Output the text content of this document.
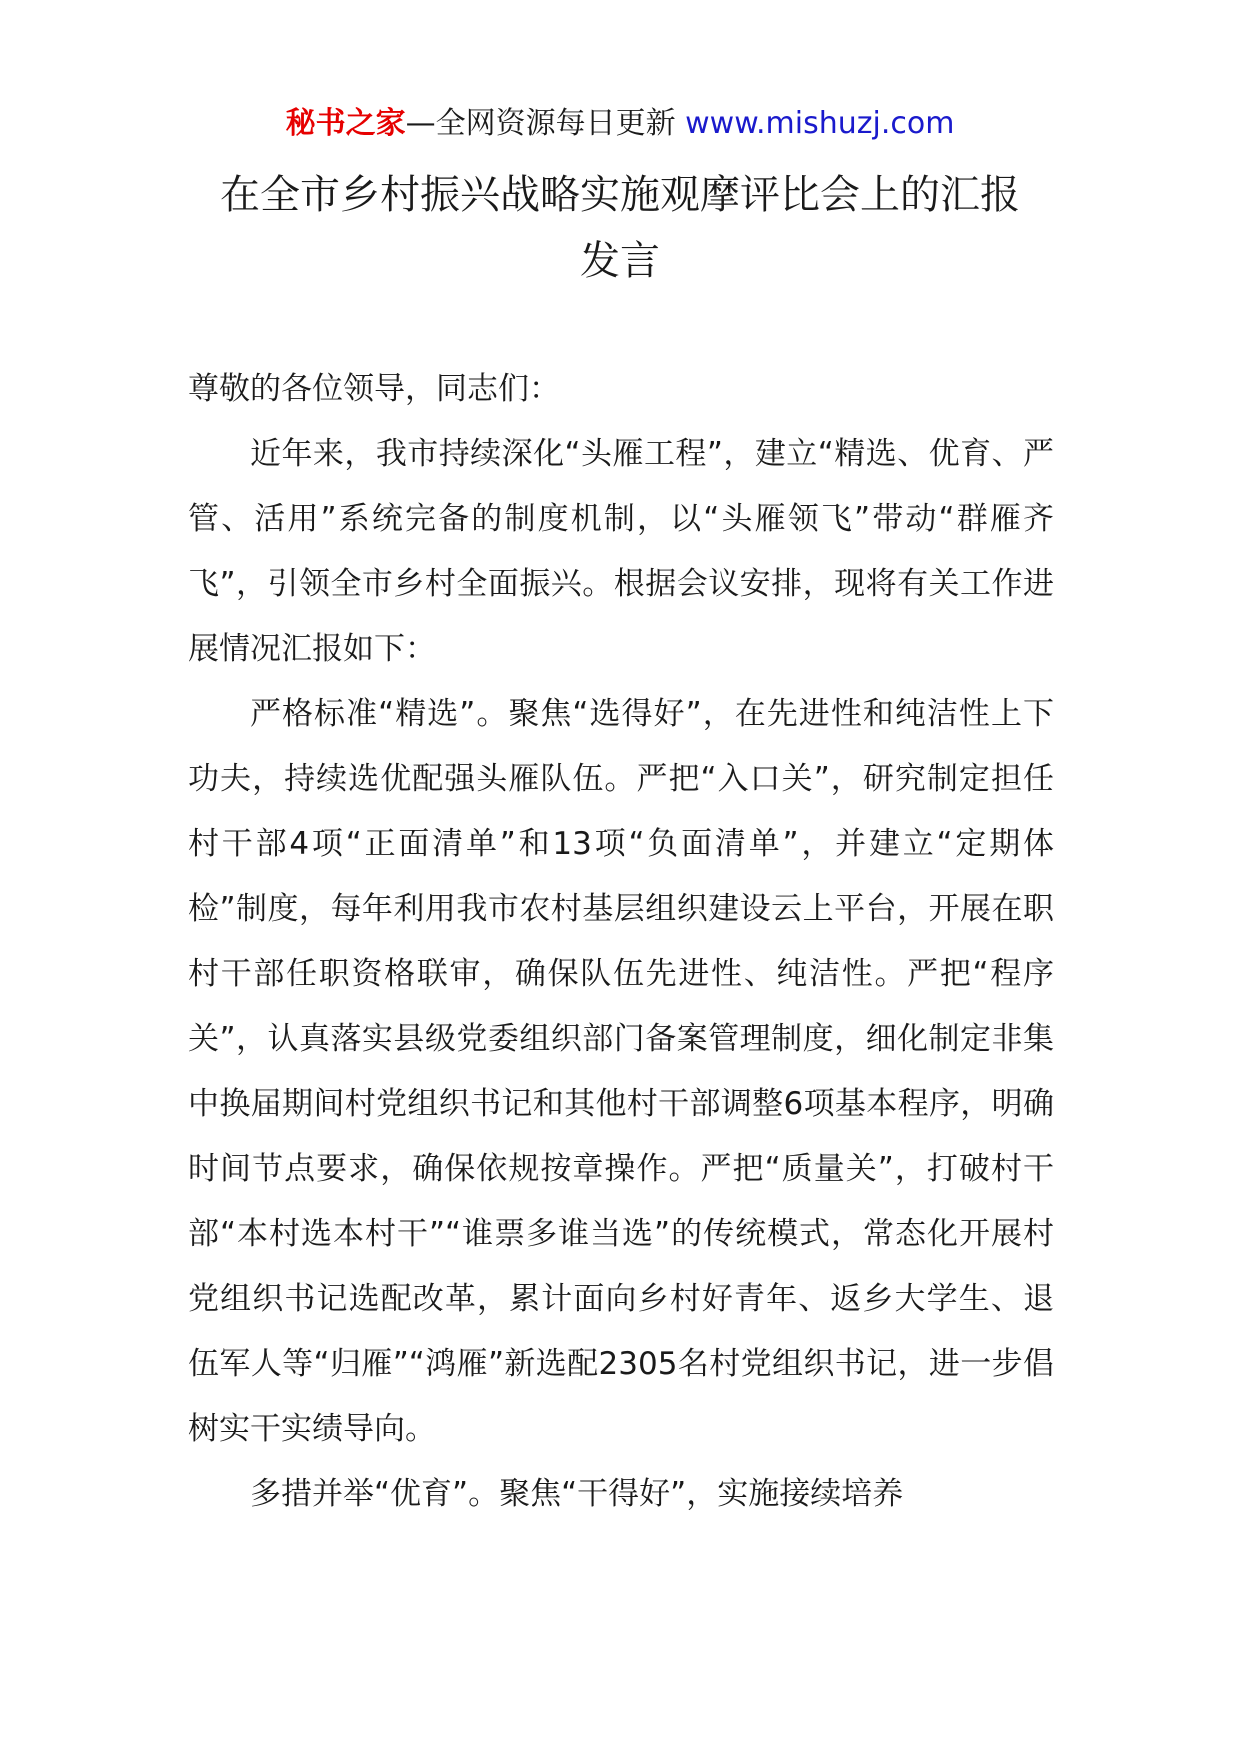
秘书之家—全网资源每日更新 www.mishuzj.com
在全市乡村振兴战略实施观摩评比会上的汇报
发言

尊敬的各位领导，同志们：

近年来，我市持续深化“头雁工程”，建立“精选、优育、严管、活用”系统完备的制度机制，以“头雁领飞”带动“群雁齐飞”，引领全市乡村全面振兴。根据会议安排，现将有关工作进展情况汇报如下：

严格标准“精选”。聚焦“选得好”，在先进性和纯洁性上下功夫，持续选优配强头雁队伍。严把“入口关”，研究制定担任村干部4项“正面清单”和13项“负面清单”，并建立“定期体检”制度，每年利用我市农村基层组织建设云上平台，开展在职村干部任职资格联审，确保队伍先进性、纯洁性。严把“程序关”，认真落实县级党委组织部门备案管理制度，细化制定非集中换届期间村党组织书记和其他村干部调整6项基本程序，明确时间节点要求，确保依规按章操作。严把“质量关”，打破村干部“本村选本村干”“谁票多谁当选”的传统模式，常态化开展村党组织书记选配改革，累计面向乡村好青年、返乡大学生、退伍军人等“归雁”“鸿雁”新选配2305名村党组织书记，进一步倡树实干实绩导向。

多措并举“优育”。聚焦“干得好”，实施接续培养
